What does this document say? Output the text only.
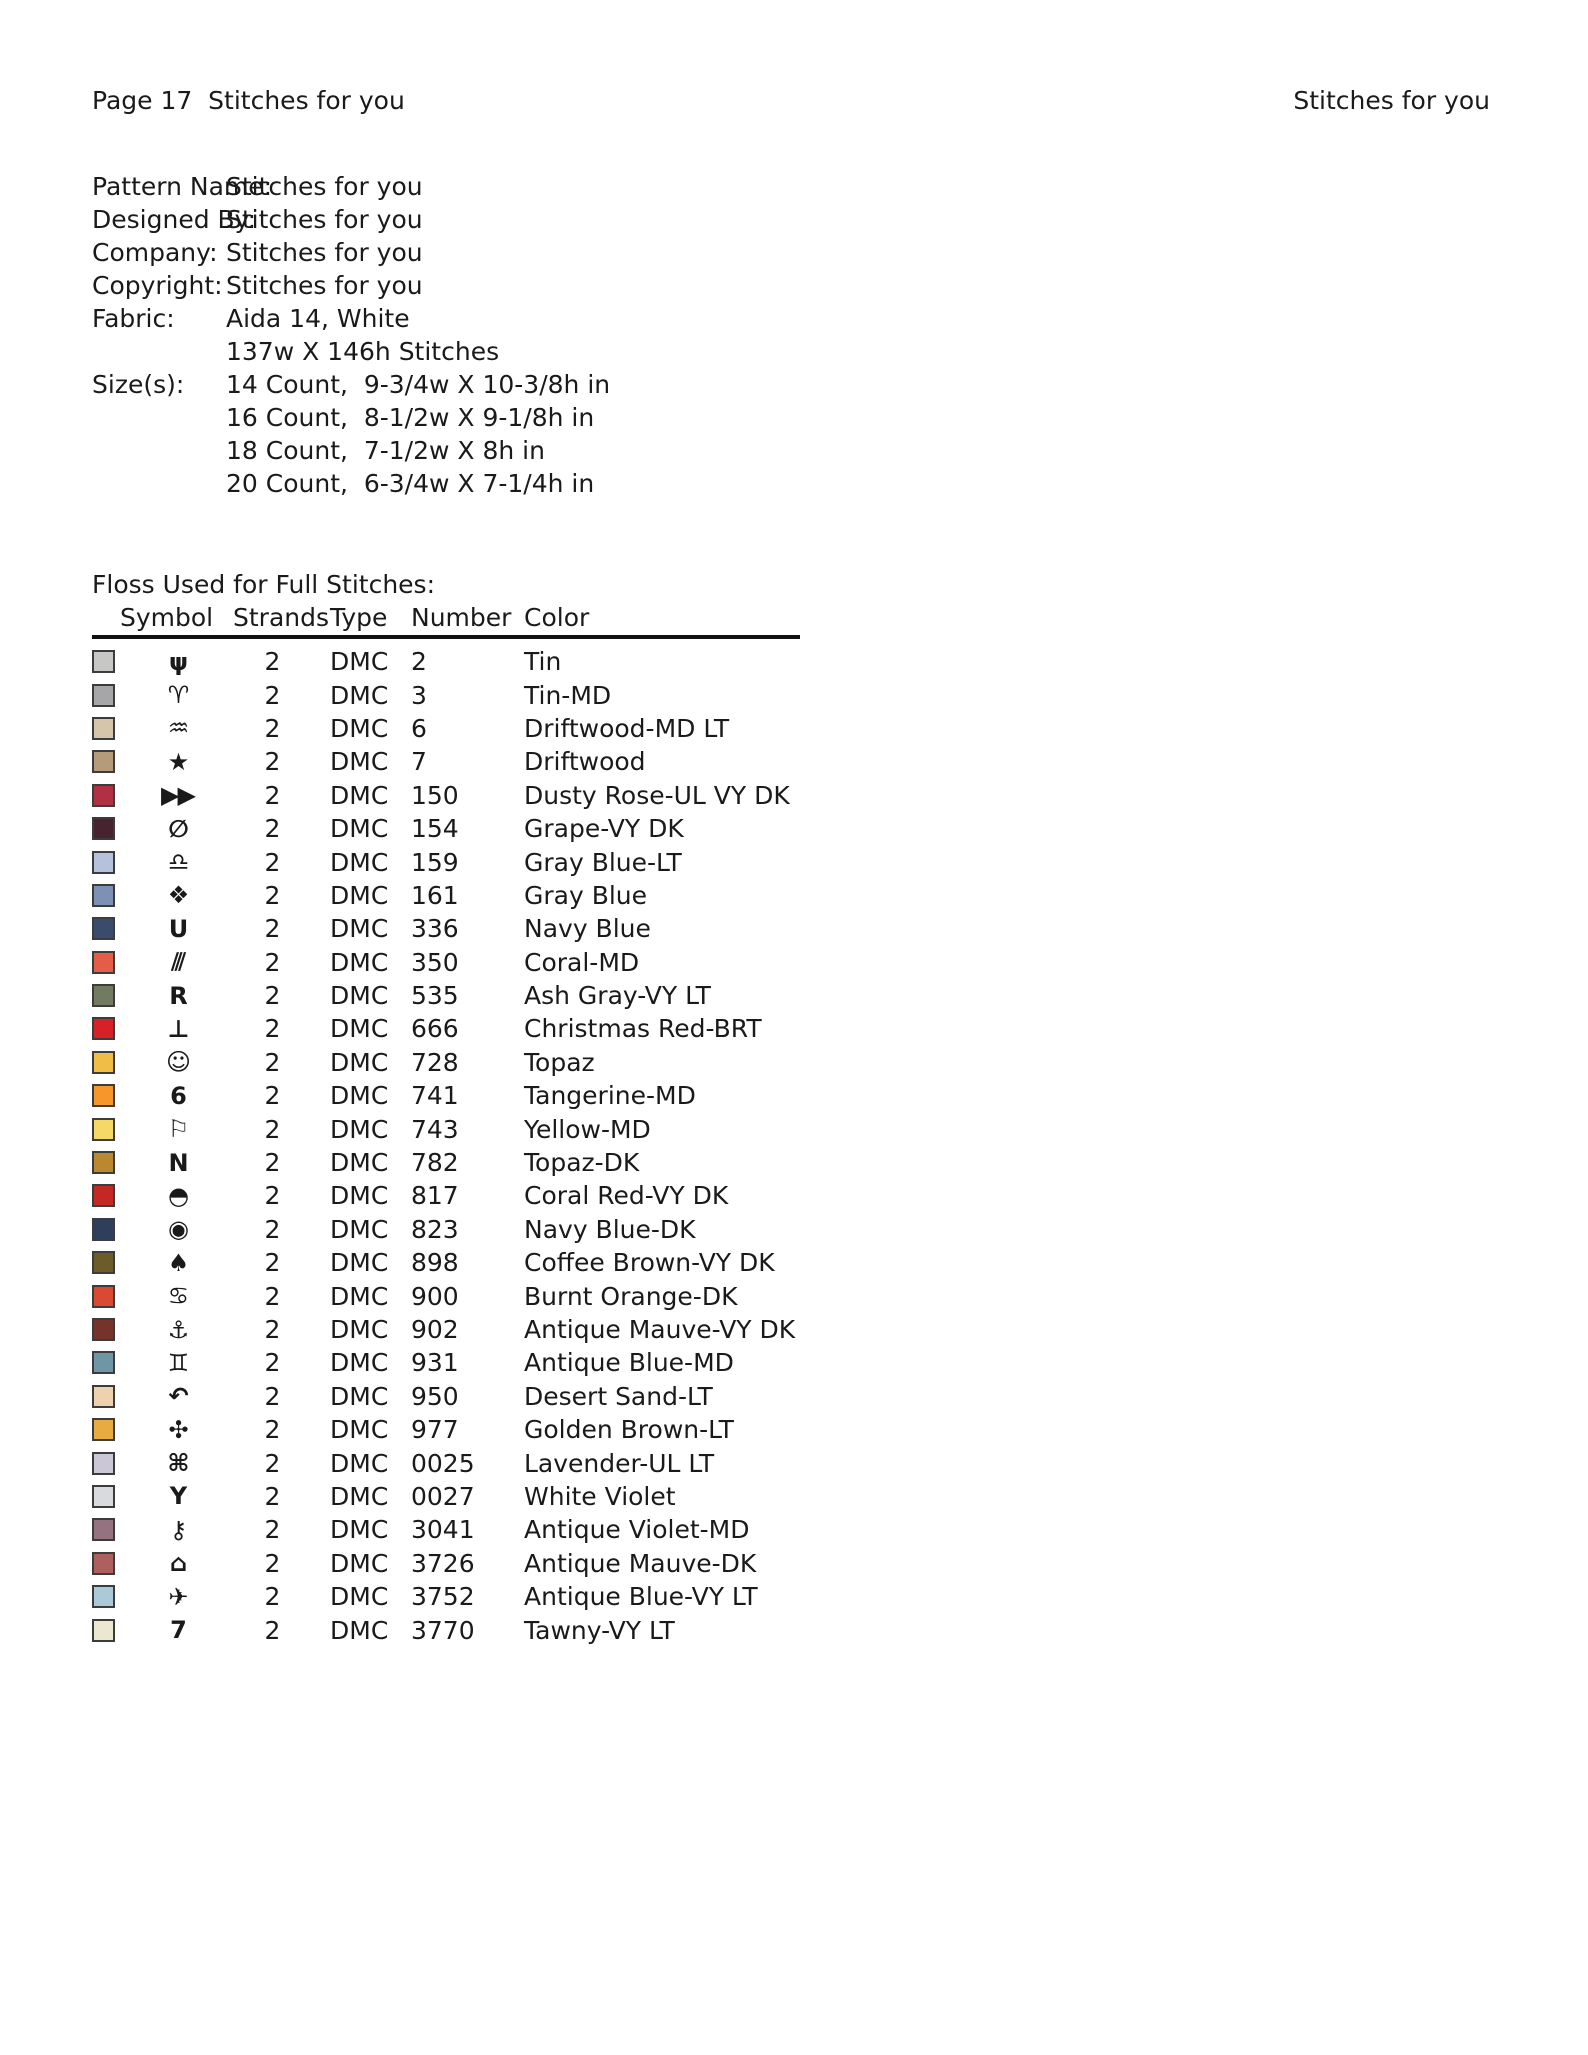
Page 17  Stitches for you	Stitches for you
Pattern Name:
Stitches for you
Designed By:
Stitches for you
Company: Stitches for you
Copyright: Stitches for you
Fabric:	Aida 14, White
137w X 146h Stitches
Size(s):	14 Count,  9-3/4w X 10-3/8h in
16 Count,  8-1/2w X 9-1/8h in
18 Count,  7-1/2w X 8h in
20 Count,  6-3/4w X 7-1/4h in
Floss Used for Full Stitches:
Symbol Strands Type Number Color
ψ	2	DMC 2	Tin
♈	2	DMC 3	Tin-MD
♒	2	DMC 6	Driftwood-MD LT
★	2	DMC 7	Driftwood
▶▶	2	DMC 150	Dusty Rose-UL VY DK
∅	2	DMC 154	Grape-VY DK
♎	2	DMC 159	Gray Blue-LT
❖	2	DMC 161	Gray Blue
U	2	DMC 336	Navy Blue
⫻	2	DMC 350	Coral-MD
R	2	DMC 535	Ash Gray-VY LT
⊥	2	DMC 666	Christmas Red-BRT
☺	2	DMC 728	Topaz
6	2	DMC 741	Tangerine-MD
⚐	2	DMC 743	Yellow-MD
N	2	DMC 782	Topaz-DK
◓	2	DMC 817	Coral Red-VY DK
◉	2	DMC 823	Navy Blue-DK
♠	2	DMC 898	Coffee Brown-VY DK
♋	2	DMC 900	Burnt Orange-DK
⚓	2	DMC 902	Antique Mauve-VY DK
♊	2	DMC 931	Antique Blue-MD
↶	2	DMC 950	Desert Sand-LT
✣	2	DMC 977	Golden Brown-LT
⌘	2	DMC 0025	Lavender-UL LT
Y	2	DMC 0027	White Violet
⚷	2	DMC 3041	Antique Violet-MD
⌂	2	DMC 3726	Antique Mauve-DK
✈	2	DMC 3752	Antique Blue-VY LT
7	2	DMC 3770	Tawny-VY LT
